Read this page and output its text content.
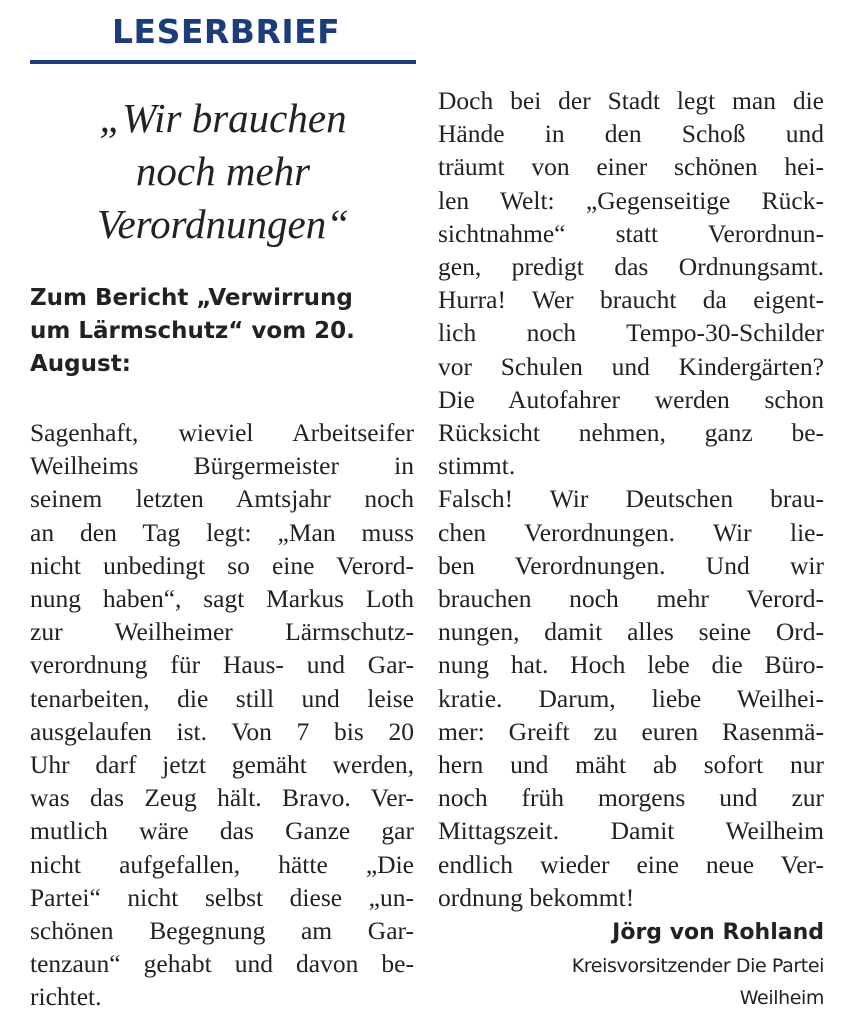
LESERBRIEF
„Wir brauchen
noch mehr
Verordnungen“
Zum Bericht „Verwirrung
um Lärmschutz“ vom 20.
August:
Sagenhaft, wieviel Arbeitseifer
Weilheims Bürgermeister in
seinem letzten Amtsjahr noch
an den Tag legt: „Man muss
nicht unbedingt so eine Verord-
nung haben“, sagt Markus Loth
zur Weilheimer Lärmschutz-
verordnung für Haus- und Gar-
tenarbeiten, die still und leise
ausgelaufen ist. Von 7 bis 20
Uhr darf jetzt gemäht werden,
was das Zeug hält. Bravo. Ver-
mutlich wäre das Ganze gar
nicht aufgefallen, hätte „Die
Partei“ nicht selbst diese „un-
schönen Begegnung am Gar-
tenzaun“ gehabt und davon be-
richtet.
Doch bei der Stadt legt man die
Hände in den Schoß und
träumt von einer schönen hei-
len Welt: „Gegenseitige Rück-
sichtnahme“ statt Verordnun-
gen, predigt das Ordnungsamt.
Hurra! Wer braucht da eigent-
lich noch Tempo-30-Schilder
vor Schulen und Kindergärten?
Die Autofahrer werden schon
Rücksicht nehmen, ganz be-
stimmt.
Falsch! Wir Deutschen brau-
chen Verordnungen. Wir lie-
ben Verordnungen. Und wir
brauchen noch mehr Verord-
nungen, damit alles seine Ord-
nung hat. Hoch lebe die Büro-
kratie. Darum, liebe Weilhei-
mer: Greift zu euren Rasenmä-
hern und mäht ab sofort nur
noch früh morgens und zur
Mittagszeit. Damit Weilheim
endlich wieder eine neue Ver-
ordnung bekommt!
Jörg von Rohland
Kreisvorsitzender Die Partei
Weilheim
